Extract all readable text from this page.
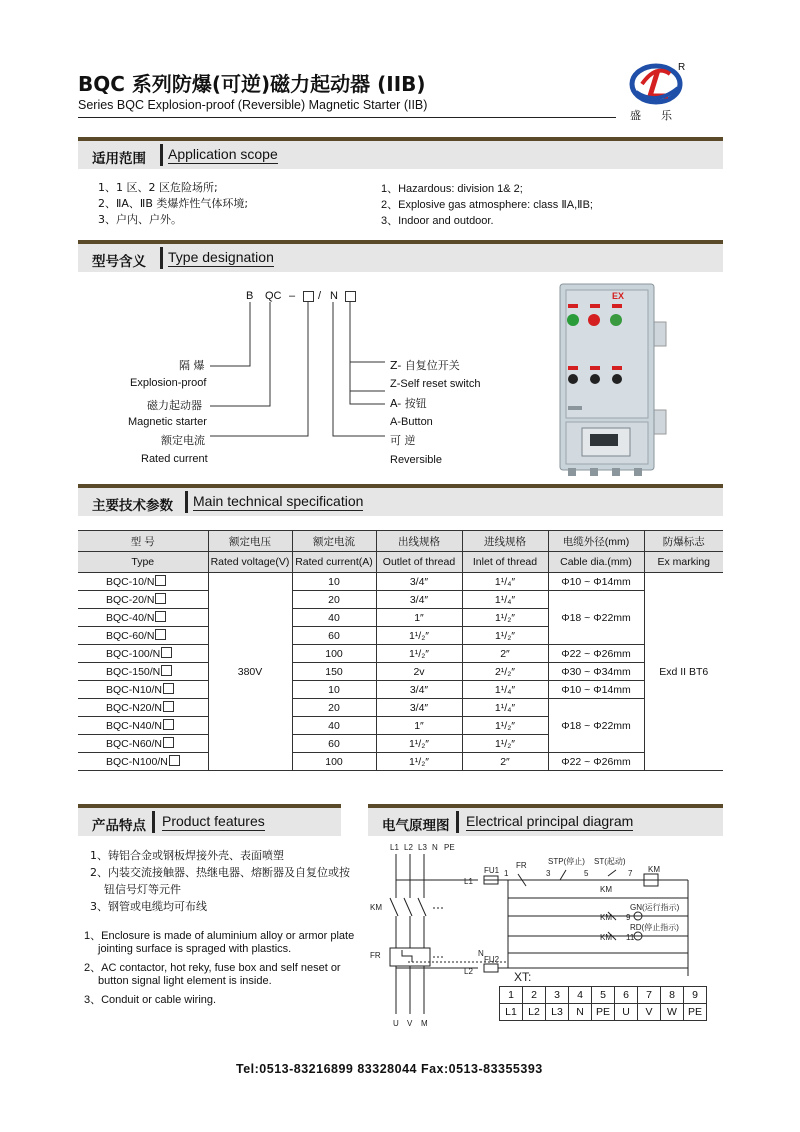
BQC 系列防爆(可逆)磁力起动器 (IIB)
Series BQC Explosion-proof (Reversible) Magnetic Starter (IIB)
R
盛乐
适用范围 Application scope
1、1 区、2 区危险场所;
2、ⅡA、ⅡB 类爆炸性气体环境;
3、户内、户外。
1、Hazardous: division 1& 2;
2、Explosive gas atmosphere: class ⅡA,ⅡB;
3、Indoor and outdoor.
型号含义 Type designation
B QC – / N
隔 爆
Explosion-proof
磁力起动器
Magnetic starter
额定电流
Rated current
Z- 自复位开关
Z-Self reset switch
A- 按钮
A-Button
可 逆
Reversible
EX
主要技术参数 Main technical specification
型 号	额定电压	额定电流	出线规格	进线规格	电缆外径(mm)	防爆标志
Type	Rated voltage(V)	Rated current(A)	Outlet of thread	Inlet of thread	Cable dia.(mm)	Ex marking
BQC-10/N	380V	10	3/4″	1¹/₄″	Φ10 ~ Φ14mm	Exd II BT6
BQC-20/N		20	3/4″	1¹/₄″	Φ18 ~ Φ22mm	
BQC-40/N		40	1″	1¹/₂″		
BQC-60/N		60	1¹/₂″	1¹/₂″		
BQC-100/N		100	1¹/₂″	2″	Φ22 ~ Φ26mm	
BQC-150/N		150	2v	2¹/₂″	Φ30 ~ Φ34mm	
BQC-N10/N		10	3/4″	1¹/₄″	Φ10 ~ Φ14mm	
BQC-N20/N		20	3/4″	1¹/₄″	Φ18 ~ Φ22mm	
BQC-N40/N		40	1″	1¹/₂″		
BQC-N60/N		60	1¹/₂″	1¹/₂″		
BQC-N100/N		100	1¹/₂″	2″	Φ22 ~ Φ26mm	
产品特点 Product features
1、铸铝合金或钢板焊接外壳、表面喷塑
2、内装交流接触器、热继电器、熔断器及自复位或按
钮信号灯等元件
3、钢管或电缆均可布线
1、Enclosure is made of aluminium alloy or armor plate
jointing surface is spraged with plastics.
2、AC contactor, hot reky, fuse box and self neset or
button signal light element is inside.
3、Conduit or cable wiring.
电气原理图 Electrical principal diagram
L1 L2 L3 N PE
U V M
KM
FR
L1
FU1
L2
FU2
N
FR	STP(停止) ST(起动)
KM
KM
KM
KM
GN(运行指示)
RD(停止指示)
1	3	5	7
9
11
XT:
1	2	3	4	5	6	7	8	9
L1	L2	L3	N	PE	U	V	W	PE
Tel:0513-83216899 83328044 Fax:0513-83355393
